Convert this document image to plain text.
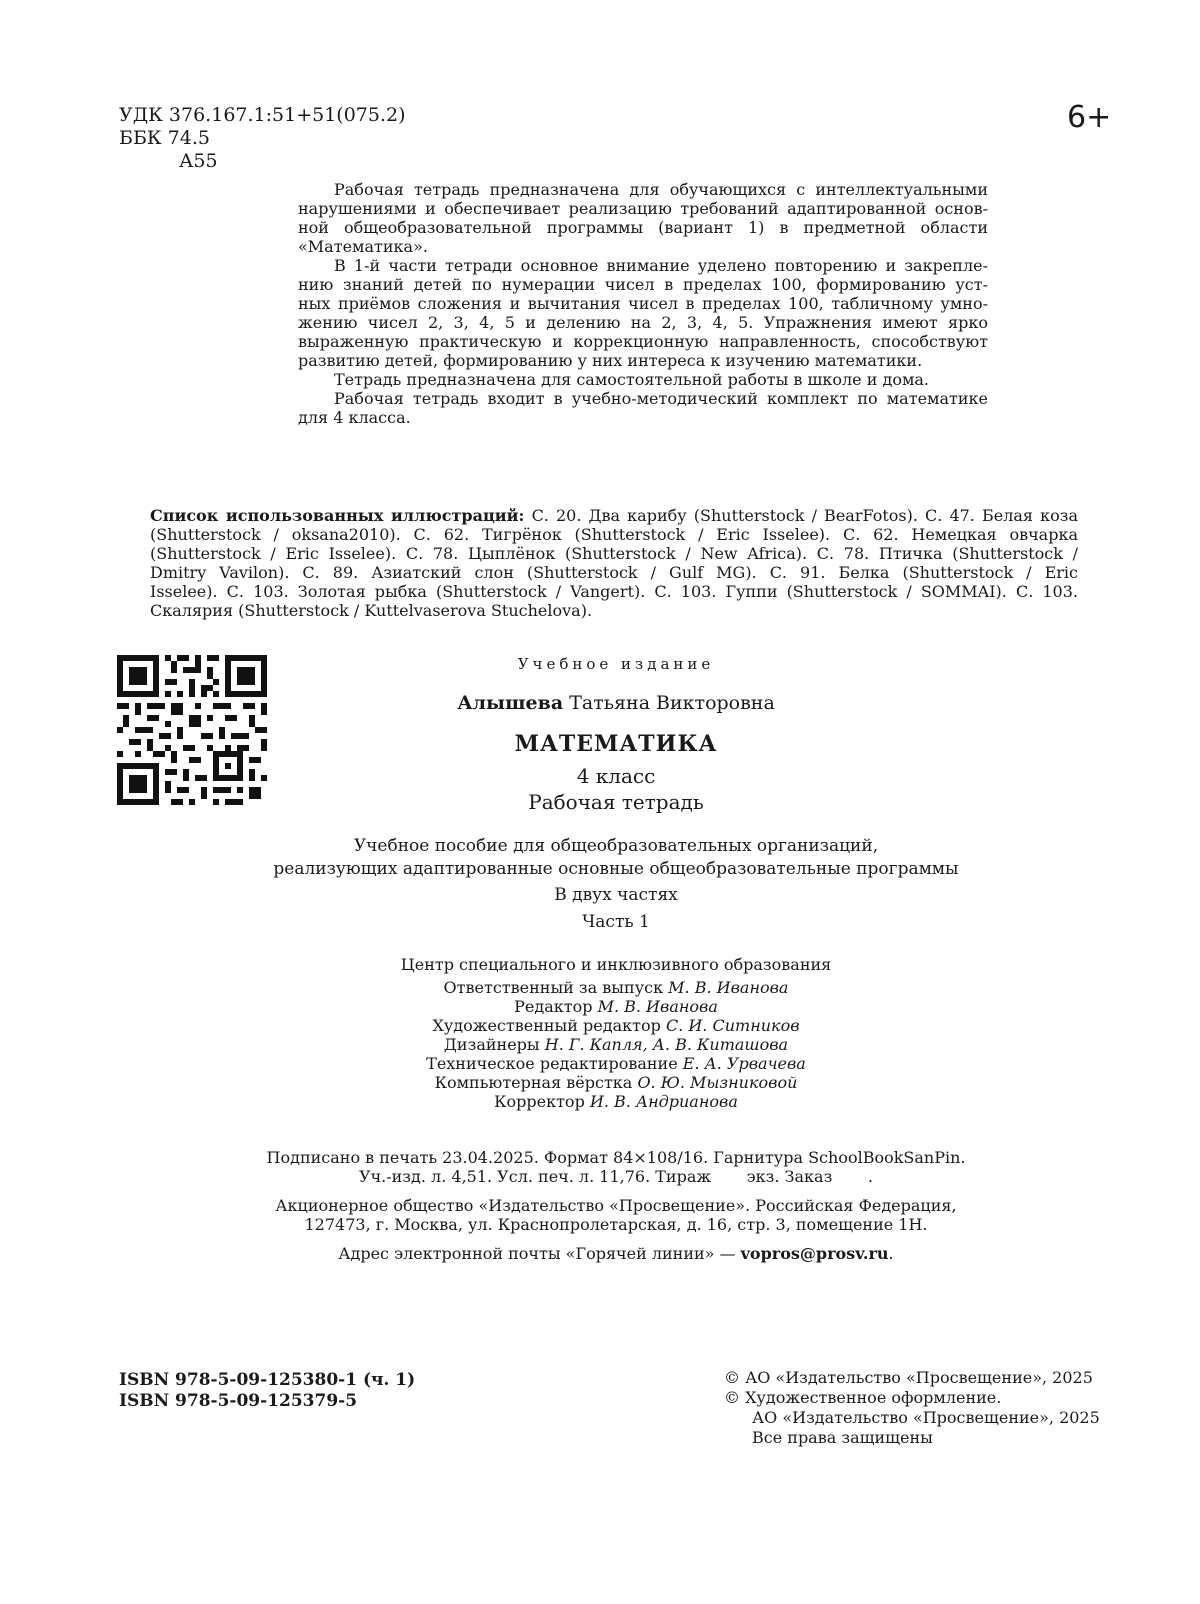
УДК 376.167.1:51+51(075.2)
ББК 74.5
А55
6+
Рабочая тетрадь предназначена для обучающихся с интеллектуальными
нарушениями и обеспечивает реализацию требований адаптированной основ-
ной общеобразовательной программы (вариант 1) в предметной области
«Математика».
В 1-й части тетради основное внимание уделено повторению и закрепле-
нию знаний детей по нумерации чисел в пределах 100, формированию уст-
ных приёмов сложения и вычитания чисел в пределах 100, табличному умно-
жению чисел 2, 3, 4, 5 и делению на 2, 3, 4, 5. Упражнения имеют ярко
выраженную практическую и коррекционную направленность, способствуют
развитию детей, формированию у них интереса к изучению математики.
Тетрадь предназначена для самостоятельной работы в школе и дома.
Рабочая тетрадь входит в учебно-методический комплект по математике
для 4 класса.
Список использованных иллюстраций: С. 20. Два карибу (Shutterstock / BearFotos). С. 47. Белая коза
(Shutterstock / oksana2010). С. 62. Тигрёнок (Shutterstock / Eric Isselee). С. 62. Немецкая овчарка
(Shutterstock / Eric Isselee). С. 78. Цыплёнок (Shutterstock / New Africa). С. 78. Птичка (Shutterstock /
Dmitry Vavilon). С. 89. Азиатский слон (Shutterstock / Gulf MG). С. 91. Белка (Shutterstock / Eric
Isselee). С. 103. Золотая рыбка (Shutterstock / Vangert). С. 103. Гуппи (Shutterstock / SOMMAI). С. 103.
Скалярия (Shutterstock / Kuttelvaserova Stuchelova).
Учебное издание
Алышева Татьяна Викторовна
МАТЕМАТИКА
4 класс
Рабочая тетрадь
Учебное пособие для общеобразовательных организаций,
реализующих адаптированные основные общеобразовательные программы
В двух частях
Часть 1
Центр специального и инклюзивного образования
Ответственный за выпуск М. В. Иванова
Редактор М. В. Иванова
Художественный редактор С. И. Ситников
Дизайнеры Н. Г. Капля, А. В. Киташова
Техническое редактирование Е. А. Урвачева
Компьютерная вёрстка О. Ю. Мызниковой
Корректор И. В. Андрианова
Подписано в печать 23.04.2025. Формат 84×108/16. Гарнитура SchoolBookSanPin.
Уч.-изд. л. 4,51. Усл. печ. л. 11,76. Тираж       экз. Заказ       .
Акционерное общество «Издательство «Просвещение». Российская Федерация,
127473, г. Москва, ул. Краснопролетарская, д. 16, стр. 3, помещение 1Н.
Адрес электронной почты «Горячей линии» — vopros@prosv.ru.
ISBN 978-5-09-125380-1 (ч. 1)
ISBN 978-5-09-125379-5
© АО «Издательство «Просвещение», 2025
© Художественное оформление.
АО «Издательство «Просвещение», 2025
Все права защищены
